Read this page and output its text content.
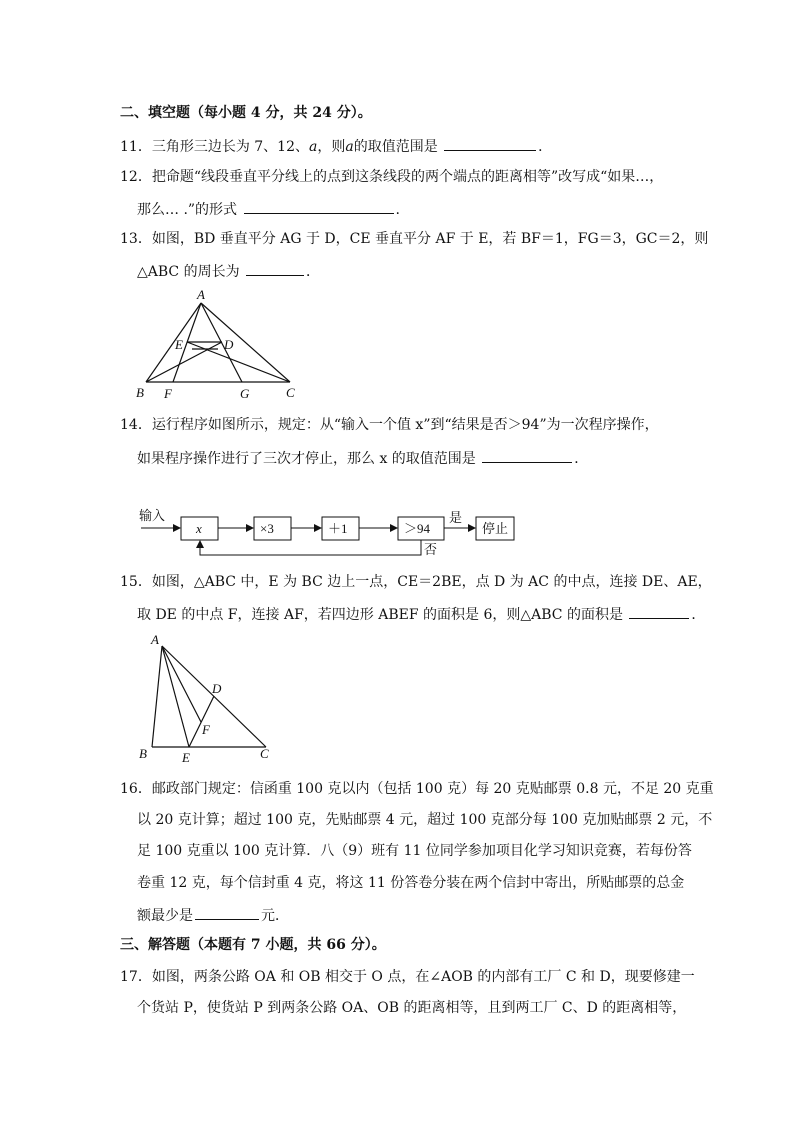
二、填空题（每小题 4 分，共 24 分）。
11．三角形三边长为 7、12、a，则a的取值范围是	．
12．把命题“线段垂直平分线上的点到这条线段的两个端点的距离相等”改写成“如果…，
那么… .”的形式	.
13．如图，BD 垂直平分 AG 于 D，CE 垂直平分 AF 于 E，若 BF＝1，FG＝3，GC＝2，则
△ABC 的周长为	．
A
B	C
D
E
F	G
14．运行程序如图所示，规定：从“输入一个值 x”到“结果是否＞94”为一次程序操作，
如果程序操作进行了三次才停止，那么 x 的取值范围是	．
输入
x	×3	＋1	＞94
是
否
停止
15．如图，△ABC 中，E 为 BC 边上一点，CE＝2BE，点 D 为 AC 的中点，连接 DE、AE，
取 DE 的中点 F，连接 AF，若四边形 ABEF 的面积是 6，则△ABC 的面积是	．
A
B	C
D
E
F
16．邮政部门规定：信函重 100 克以内（包括 100 克）每 20 克贴邮票 0.8 元，不足 20 克重
以 20 克计算；超过 100 克，先贴邮票 4 元，超过 100 克部分每 100 克加贴邮票 2 元，不
足 100 克重以 100 克计算．八（9）班有 11 位同学参加项目化学习知识竞赛，若每份答
卷重 12 克，每个信封重 4 克，将这 11 份答卷分装在两个信封中寄出，所贴邮票的总金
额最少是	元．
三、解答题（本题有 7 小题，共 66 分）。
17．如图，两条公路 OA 和 OB 相交于 O 点，在∠AOB 的内部有工厂 C 和 D，现要修建一
个货站 P，使货站 P 到两条公路 OA、OB 的距离相等，且到两工厂 C、D 的距离相等，
